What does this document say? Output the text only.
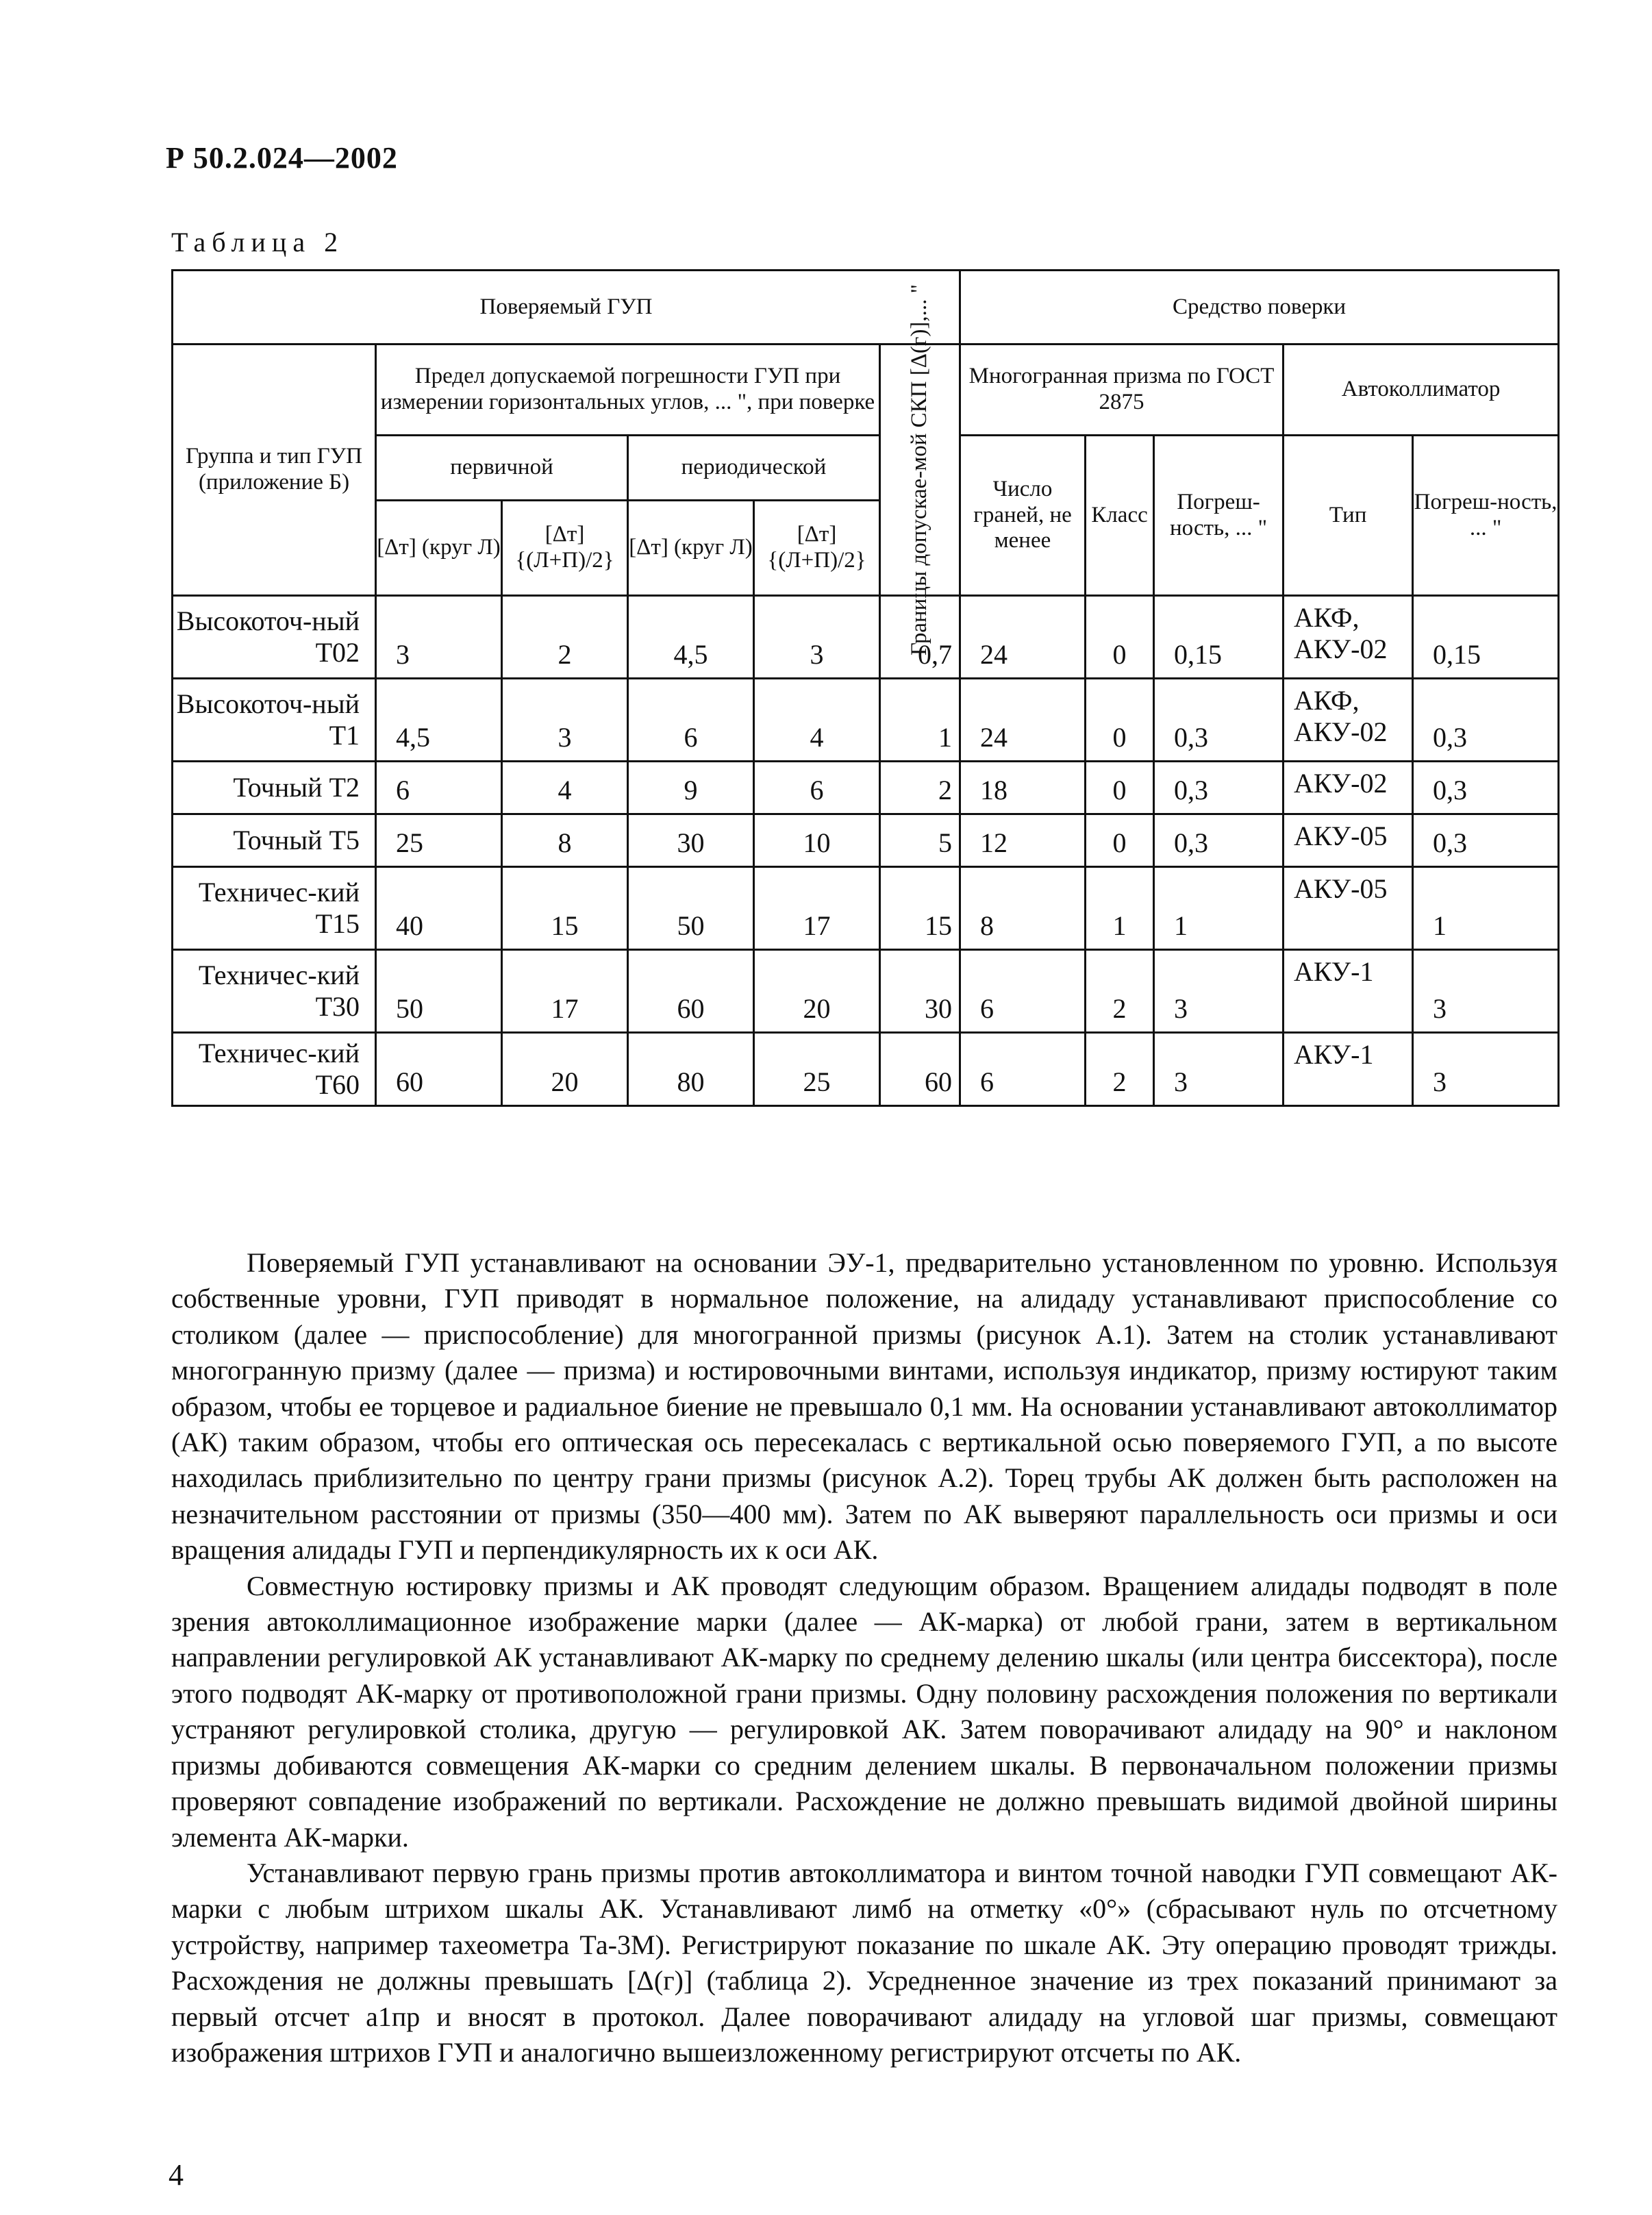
Р 50.2.024—2002
Таблица 2
Поверяемый ГУП						Средство поверки				
Группа и тип ГУП (приложение Б)	Предел допускаемой погрешности ГУП при измерении горизонтальных углов, ... ", при поверке				Границы допускае-мой СКП [Δ(г)],... "	Многогранная призма по ГОСТ 2875			Автоколлиматор	
	первичной		периодической			Число граней, не менее	Класс	Погреш-ность, ... "	Тип	Погреш-ность, ... "
	[Δт] (круг Л)	[Δт] {(Л+П)/2}	[Δт] (круг Л)	[Δт] {(Л+П)/2}						
Высокоточ-ный Т02	3	2	4,5	3	0,7	24	0	0,15	АКФ, АКУ-02	0,15
Высокоточ-ный Т1	4,5	3	6	4	1	24	0	0,3	АКФ, АКУ-02	0,3
Точный Т2	6	4	9	6	2	18	0	0,3	АКУ-02	0,3
Точный Т5	25	8	30	10	5	12	0	0,3	АКУ-05	0,3
Техничес-кий Т15	40	15	50	17	15	8	1	1	АКУ-05	1
Техничес-кий Т30	50	17	60	20	30	6	2	3	АКУ-1	3
Техничес-кий Т60	60	20	80	25	60	6	2	3	АКУ-1	3

Поверяемый ГУП устанавливают на основании ЭУ-1, предварительно установленном по уровню. Используя собственные уровни, ГУП приводят в нормальное положение, на алидаду устанавливают приспособление со столиком (далее — приспособление) для многогранной призмы (рисунок А.1). Затем на столик устанавливают многогранную призму (далее — призма) и юстировочными винтами, используя индикатор, призму юстируют таким образом, чтобы ее торцевое и радиальное биение не превышало 0,1 мм. На основании устанавливают автоколлиматор (АК) таким образом, чтобы его оптическая ось пересекалась с вертикальной осью поверяемого ГУП, а по высоте находилась приблизительно по центру грани призмы (рисунок А.2). Торец трубы АК должен быть расположен на незначительном расстоянии от призмы (350—400 мм). Затем по АК выверяют параллельность оси призмы и оси вращения алидады ГУП и перпендикулярность их к оси АК.

Совместную юстировку призмы и АК проводят следующим образом. Вращением алидады подводят в поле зрения автоколлимационное изображение марки (далее — АК-марка) от любой грани, затем в вертикальном направлении регулировкой АК устанавливают АК-марку по среднему делению шкалы (или центра биссектора), после этого подводят АК-марку от противоположной грани призмы. Одну половину расхождения положения по вертикали устраняют регулировкой столика, другую — регулировкой АК. Затем поворачивают алидаду на 90° и наклоном призмы добиваются совмещения АК-марки со средним делением шкалы. В первоначальном положении призмы проверяют совпадение изображений по вертикали. Расхождение не должно превышать видимой двойной ширины элемента АК-марки.

Устанавливают первую грань призмы против автоколлиматора и винтом точной наводки ГУП совмещают АК-марки с любым штрихом шкалы АК. Устанавливают лимб на отметку «0°» (сбрасывают нуль по отсчетному устройству, например тахеометра Та-3М). Регистрируют показание по шкале АК. Эту операцию проводят трижды. Расхождения не должны превышать [Δ(г)] (таблица 2). Усредненное значение из трех показаний принимают за первый отсчет a1пр и вносят в протокол. Далее поворачивают алидаду на угловой шаг призмы, совмещают изображения штрихов ГУП и аналогично вышеизложенному регистрируют отсчеты по АК.

4
